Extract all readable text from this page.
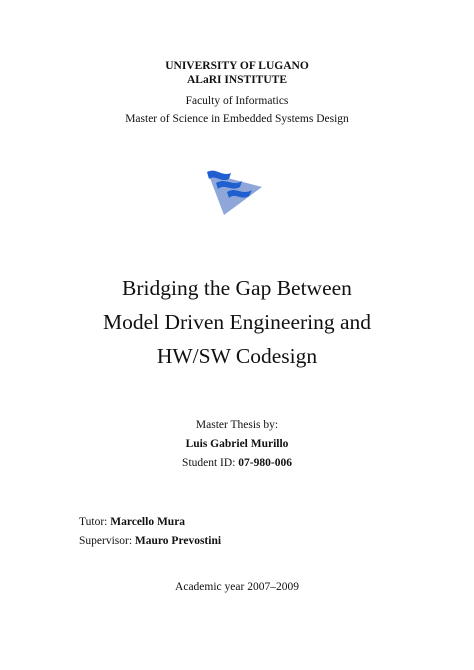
UNIVERSITY OF LUGANO
ALaRI INSTITUTE
Faculty of Informatics
Master of Science in Embedded Systems Design
Bridging the Gap Between
Model Driven Engineering and
HW/SW Codesign
Master Thesis by:
Luis Gabriel Murillo
Student ID: 07-980-006
Tutor: Marcello Mura
Supervisor: Mauro Prevostini
Academic year 2007–2009
